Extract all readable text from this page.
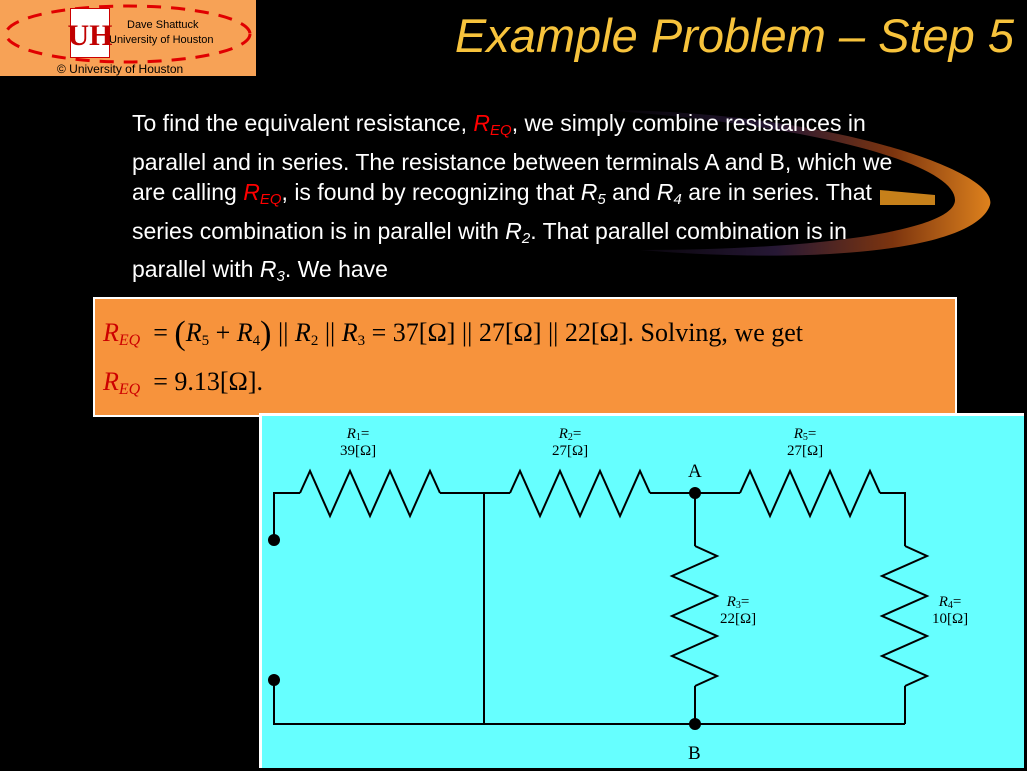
UH Dave Shattuck
University of Houston
© University of Houston
Example Problem – Step 5

To find the equivalent resistance, $R_{EQ}$, we simply combine resistances in parallel and in series. The resistance between terminals A and B, which we are calling $R_{EQ}$, is found by recognizing that $R_5$ and $R_4$ are in series. That series combination is in parallel with $R_2$. That parallel combination is in parallel with $R_3$. We have

$R_{EQ} = (R_5 + R_4)$ || $R_2$ || $R_3 = 37[\Omega]$ || 27[Ω] || 22[Ω]. Solving, we get
$R_{EQ} = 9.13[\Omega]$.
$R_1=$
39[Ω]
$R_2=$
27[Ω]
$R_5=$
27[Ω]
$R_3=$
22[Ω]
$R_4=$
10[Ω]
A
B
